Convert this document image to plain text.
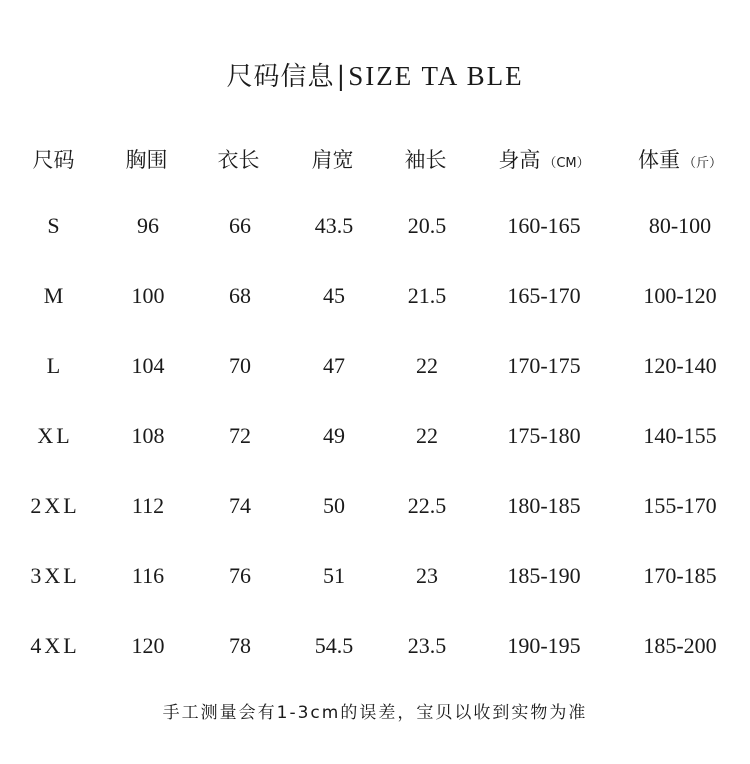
尺码信息|SIZE TA BLE
尺码	胸围	衣长	肩宽	袖长	身高 （CM）	体重 （斤）
S	96	66	43.5	20.5	160-165	80-100
M	100	68	45	21.5	165-170	100-120
L	104	70	47	22	170-175	120-140
XL	108	72	49	22	175-180	140-155
2XL	112	74	50	22.5	180-185	155-170
3XL	116	76	51	23	185-190	170-185
4XL	120	78	54.5	23.5	190-195	185-200
手工测量会有1-3cm的误差，宝贝以收到实物为准
